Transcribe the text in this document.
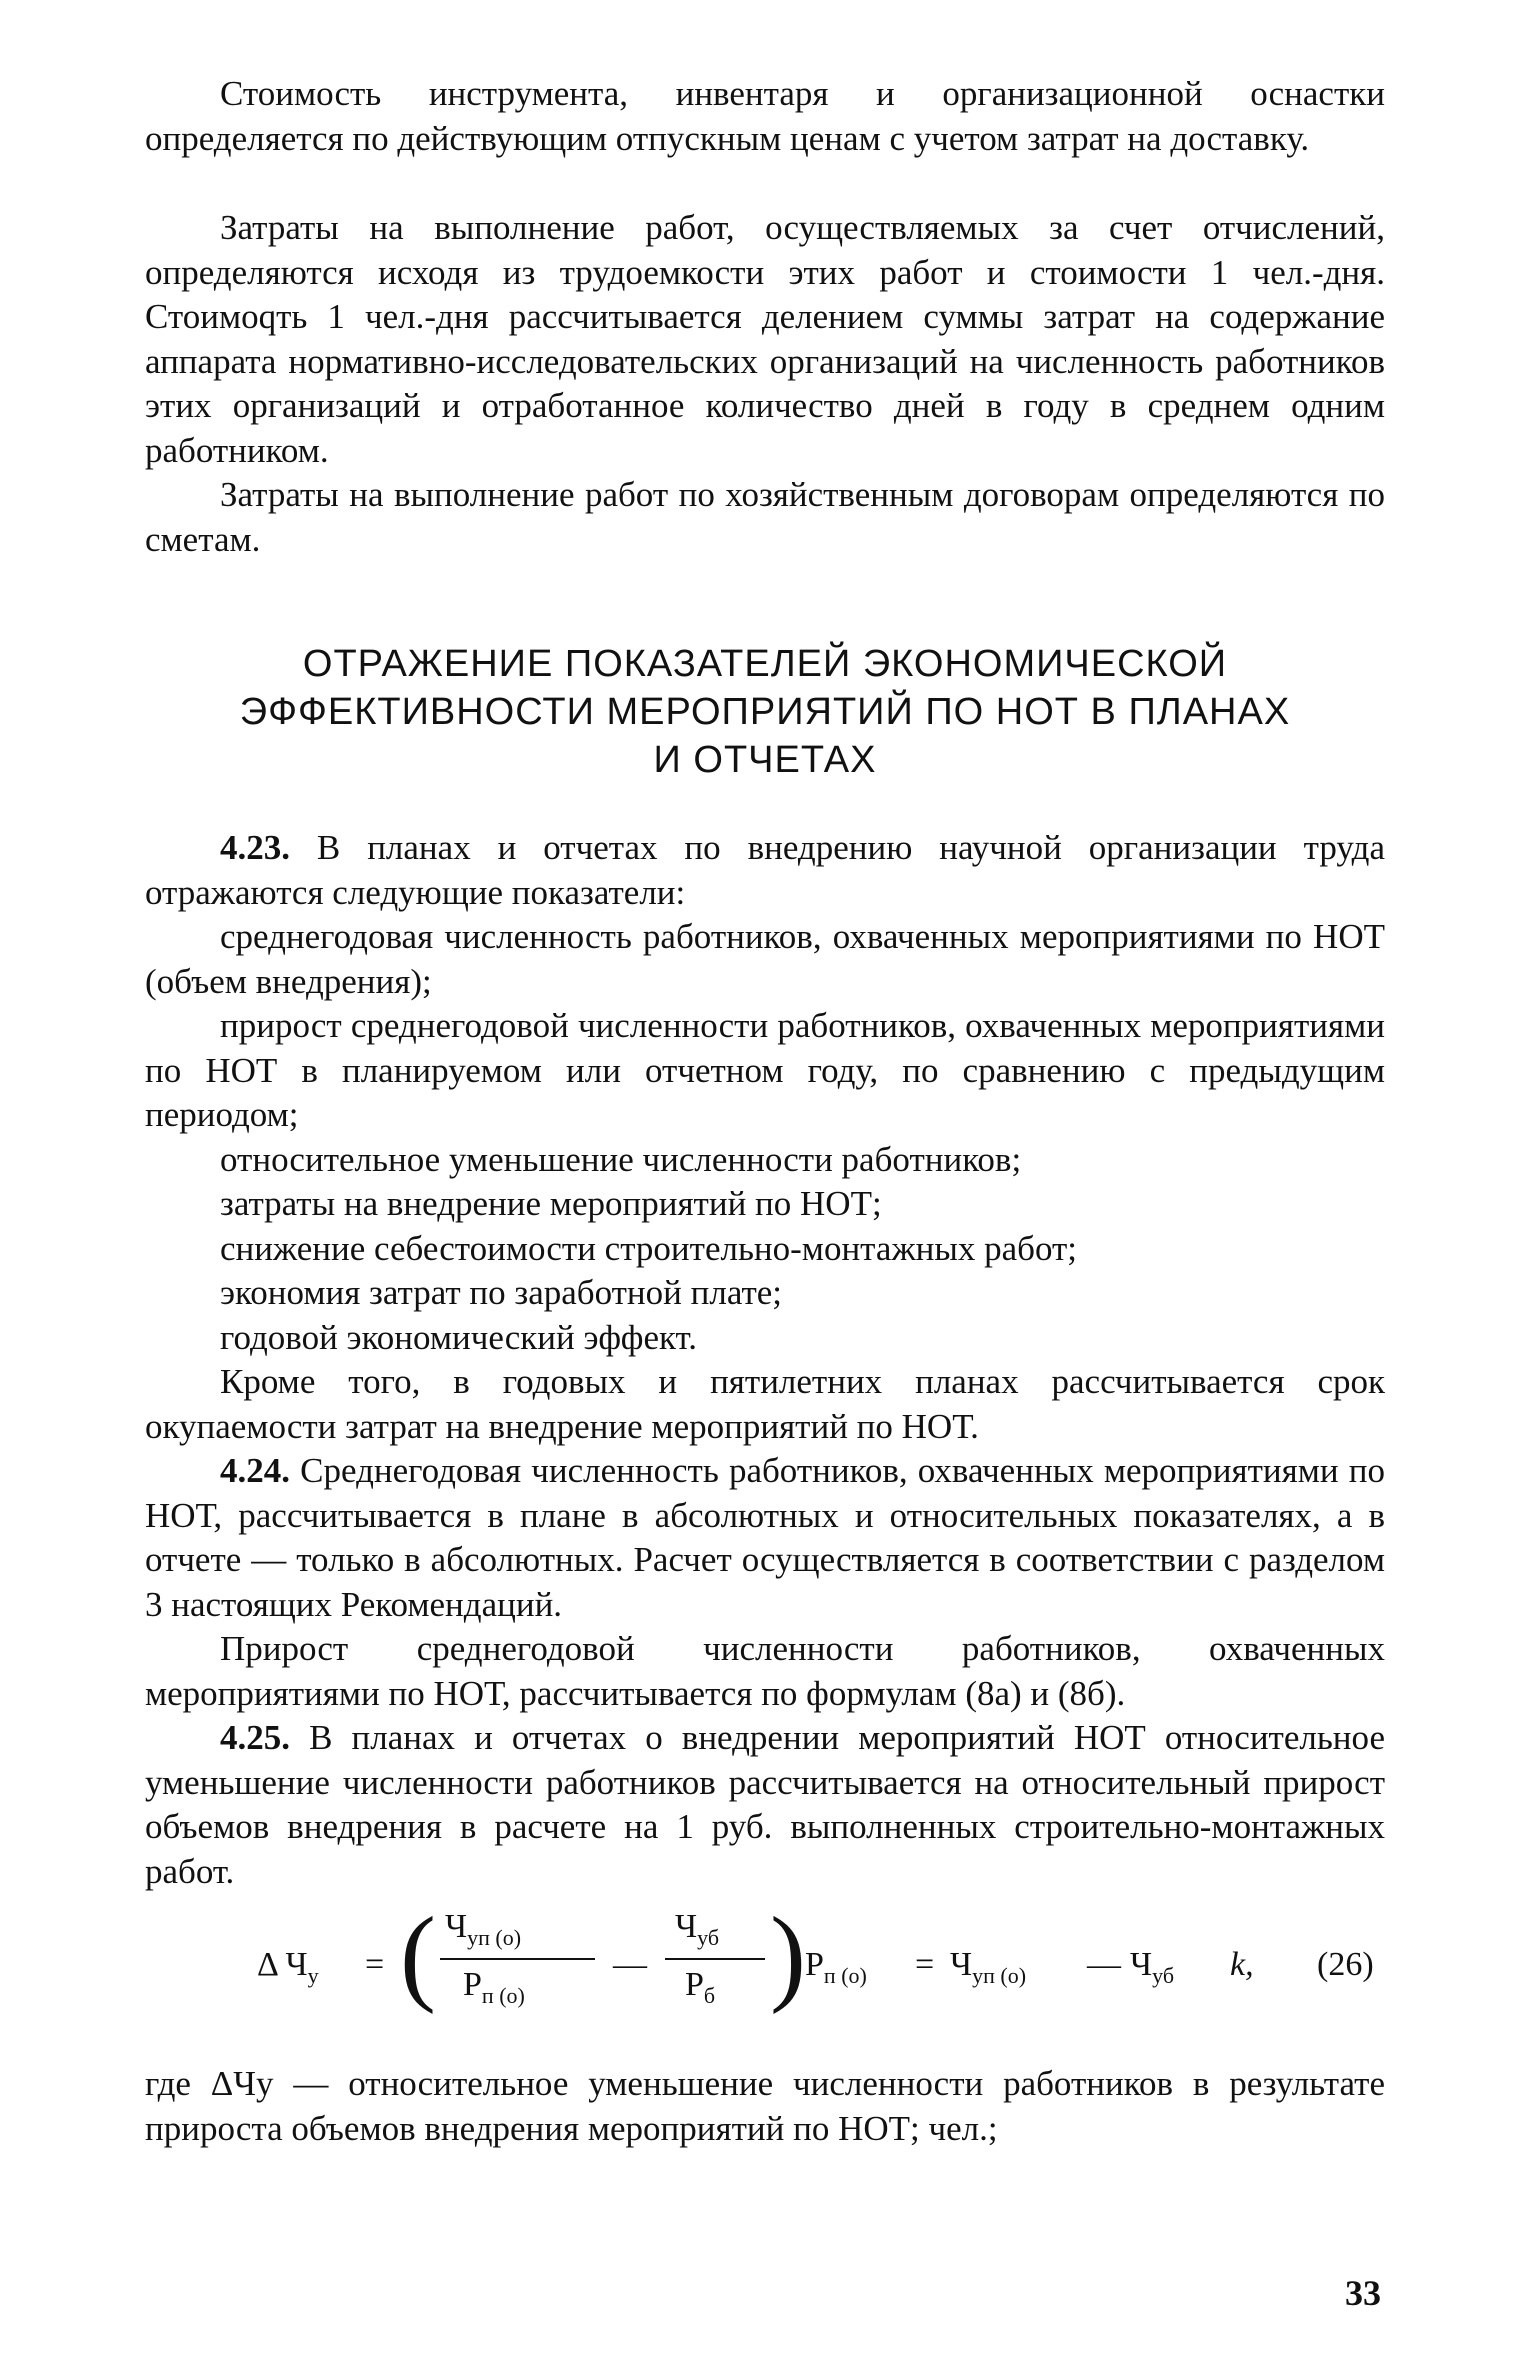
Стоимость инструмента, инвентаря и организационной оснастки определяется по действующим отпускным ценам с учетом затрат на доставку.
Затраты на выполнение работ, осуществляемых за счет отчислений, определяются исходя из трудоемкости этих работ и стоимости 1 чел.-дня. Стоимоqть 1 чел.-дня рассчитывается делением суммы затрат на содержание аппарата нормативно-исследовательских организаций на численность работников этих организаций и отработанное количество дней в году в среднем одним работником.
Затраты на выполнение работ по хозяйственным договорам определяются по сметам.
ОТРАЖЕНИЕ ПОКАЗАТЕЛЕЙ ЭКОНОМИЧЕСКОЙ
ЭФФЕКТИВНОСТИ МЕРОПРИЯТИЙ ПО НОТ В ПЛАНАХ
И ОТЧЕТАХ
4.23. В планах и отчетах по внедрению научной организации труда отражаются следующие показатели:
среднегодовая численность работников, охваченных мероприятиями по НОТ (объем внедрения);
прирост среднегодовой численности работников, охваченных мероприятиями по НОТ в планируемом или отчетном году, по сравнению с предыдущим периодом;
относительное уменьшение численности работников;
затраты на внедрение мероприятий по НОТ;
снижение себестоимости строительно-монтажных работ;
экономия затрат по заработной плате;
годовой экономический эффект.
Кроме того, в годовых и пятилетних планах рассчитывается срок окупаемости затрат на внедрение мероприятий по НОТ.
4.24. Среднегодовая численность работников, охваченных мероприятиями по НОТ, рассчитывается в плане в абсолютных и относительных показателях, а в отчете — только в абсолютных. Расчет осуществляется в соответствии с разделом 3 настоящих Рекомендаций.
Прирост среднегодовой численности работников, охваченных мероприятиями по НОТ, рассчитывается по формулам (8а) и (8б).
4.25. В планах и отчетах о внедрении мероприятий НОТ относительное уменьшение численности работников рассчитывается на относительный прирост объемов внедрения в расчете на 1 руб. выполненных строительно-монтажных работ.
Δ $Ч_у$ = ( $Ч_{уп (о)}$
$Р_{п (о)}$
—
$Ч_{уб}$
$Р_б$ ) $Р_{п (о)} = Ч_{уп (о)}$ — $Ч_{уб}$ k, (26)
где ΔЧу — относительное уменьшение численности работников в результате прироста объемов внедрения мероприятий по НОТ; чел.;
33
